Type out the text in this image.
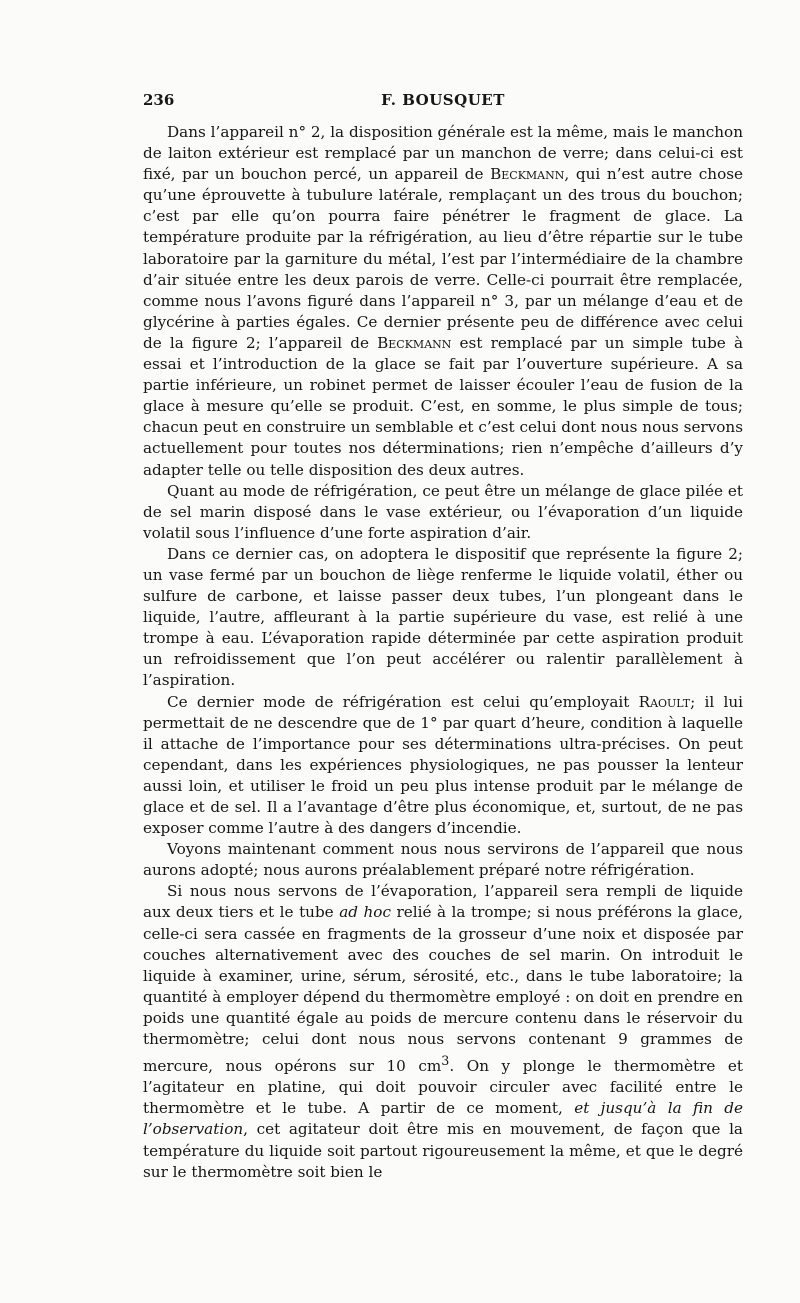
236	F. BOUSQUET

Dans l’appareil n° 2, la disposition générale est la même, mais le manchon de laiton extérieur est remplacé par un manchon de verre; dans celui-ci est fixé, par un bouchon percé, un appareil de Beckmann, qui n’est autre chose qu’une éprouvette à tubulure latérale, remplaçant un des trous du bouchon; c’est par elle qu’on pourra faire pénétrer le fragment de glace. La température produite par la réfrigération, au lieu d’être répartie sur le tube laboratoire par la garniture du métal, l’est par l’intermédiaire de la chambre d’air située entre les deux parois de verre. Celle-ci pourrait être remplacée, comme nous l’avons figuré dans l’appareil n° 3, par un mélange d’eau et de glycérine à parties égales. Ce dernier présente peu de différence avec celui de la figure 2; l’appareil de Beckmann est remplacé par un simple tube à essai et l’introduction de la glace se fait par l’ouverture supérieure. A sa partie inférieure, un robinet permet de laisser écouler l’eau de fusion de la glace à mesure qu’elle se produit. C’est, en somme, le plus simple de tous; chacun peut en construire un semblable et c’est celui dont nous nous servons actuellement pour toutes nos déterminations; rien n’empêche d’ailleurs d’y adapter telle ou telle disposition des deux autres.

Quant au mode de réfrigération, ce peut être un mélange de glace pilée et de sel marin disposé dans le vase extérieur, ou l’évaporation d’un liquide volatil sous l’influence d’une forte aspiration d’air.

Dans ce dernier cas, on adoptera le dispositif que représente la figure 2; un vase fermé par un bouchon de liège renferme le liquide volatil, éther ou sulfure de carbone, et laisse passer deux tubes, l’un plongeant dans le liquide, l’autre, affleurant à la partie supérieure du vase, est relié à une trompe à eau. L’évaporation rapide déterminée par cette aspiration produit un refroidissement que l’on peut accélérer ou ralentir parallèlement à l’aspiration.

Ce dernier mode de réfrigération est celui qu’employait Raoult; il lui permettait de ne descendre que de 1° par quart d’heure, condition à laquelle il attache de l’importance pour ses déterminations ultra-précises. On peut cependant, dans les expériences physiologiques, ne pas pousser la lenteur aussi loin, et utiliser le froid un peu plus intense produit par le mélange de glace et de sel. Il a l’avantage d’être plus économique, et, surtout, de ne pas exposer comme l’autre à des dangers d’incendie.

Voyons maintenant comment nous nous servirons de l’appareil que nous aurons adopté; nous aurons préalablement préparé notre réfrigération.

Si nous nous servons de l’évaporation, l’appareil sera rempli de liquide aux deux tiers et le tube ad hoc relié à la trompe; si nous préférons la glace, celle-ci sera cassée en fragments de la grosseur d’une noix et disposée par couches alternativement avec des couches de sel marin. On introduit le liquide à examiner, urine, sérum, sérosité, etc., dans le tube laboratoire; la quantité à employer dépend du thermomètre employé : on doit en prendre en poids une quantité égale au poids de mercure contenu dans le réservoir du thermomètre; celui dont nous nous servons contenant 9 grammes de mercure, nous opérons sur 10 $cm^3$. On y plonge le thermomètre et l’agitateur en platine, qui doit pouvoir circuler avec facilité entre le thermomètre et le tube. A partir de ce moment, et jusqu’à la fin de l’observation, cet agitateur doit être mis en mouvement, de façon que la température du liquide soit partout rigoureusement la même, et que le degré sur le thermomètre soit bien le
